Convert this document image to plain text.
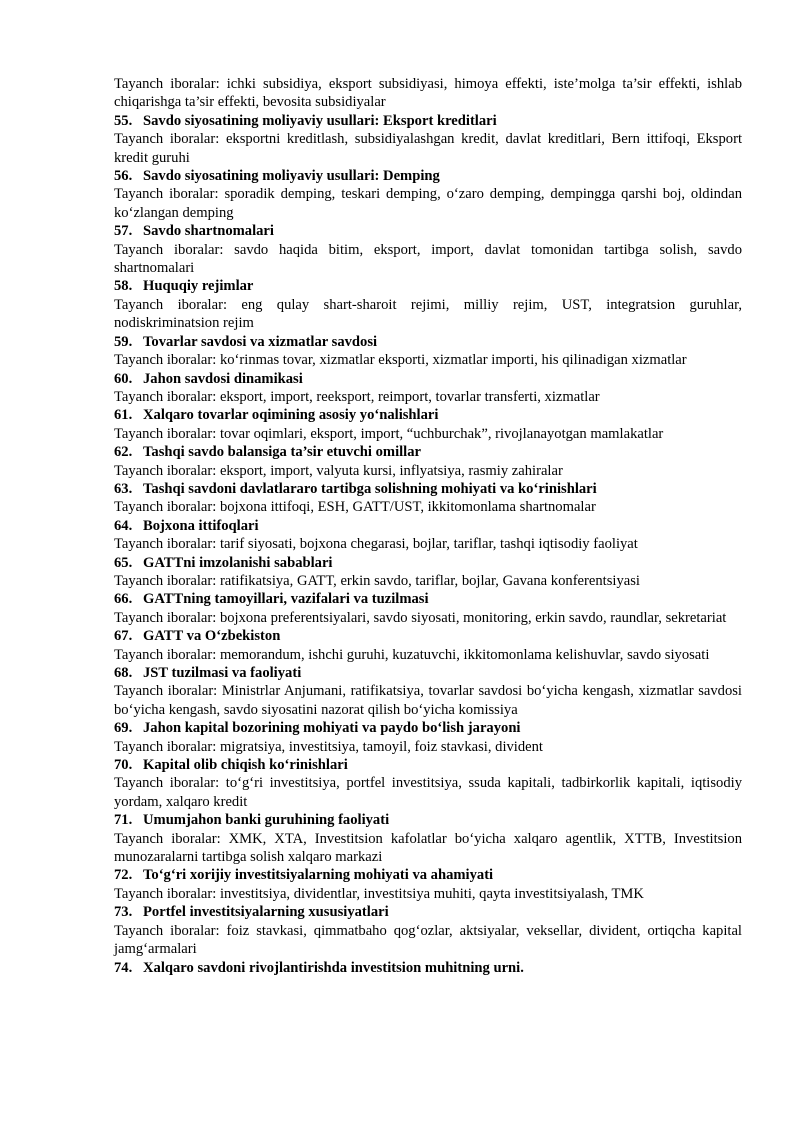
Tayanch iboralar: ichki subsidiya, eksport subsidiyasi, himoya effekti, iste’molga ta’sir effekti, ishlab chiqarishga ta’sir effekti, bevosita subsidiyalar

55. Savdo siyosatining moliyaviy usullari: Eksport kreditlari

Tayanch iboralar: eksportni kreditlash, subsidiyalashgan kredit, davlat kreditlari, Bern ittifoqi, Eksport kredit guruhi

56. Savdo siyosatining moliyaviy usullari: Demping

Tayanch iboralar: sporadik demping, teskari demping, o‘zaro demping, dempingga qarshi boj, oldindan ko‘zlangan demping

57. Savdo shartnomalari

Tayanch iboralar: savdo haqida bitim, eksport, import, davlat tomonidan tartibga solish, savdo shartnomalari

58. Huquqiy rejimlar

Tayanch iboralar: eng qulay shart-sharoit rejimi, milliy rejim, UST, integratsion guruhlar, nodiskriminatsion rejim

59. Tovarlar savdosi va xizmatlar savdosi

Tayanch iboralar: ko‘rinmas tovar, xizmatlar eksporti, xizmatlar importi, his qilinadigan xizmatlar

60. Jahon savdosi dinamikasi

Tayanch iboralar: eksport, import, reeksport, reimport, tovarlar transferti, xizmatlar

61. Xalqaro tovarlar oqimining asosiy yo‘nalishlari

Tayanch iboralar: tovar oqimlari, eksport, import, “uchburchak”, rivojlanayotgan mamlakatlar

62. Tashqi savdo balansiga ta’sir etuvchi omillar

Tayanch iboralar: eksport, import, valyuta kursi, inflyatsiya, rasmiy zahiralar

63. Tashqi savdoni davlatlararo tartibga solishning mohiyati va ko‘rinishlari

Tayanch iboralar: bojxona ittifoqi, ESH, GATT/UST, ikkitomonlama shartnomalar

64. Bojxona ittifoqlari

Tayanch iboralar: tarif siyosati, bojxona chegarasi, bojlar, tariflar, tashqi iqtisodiy faoliyat

65. GATTni imzolanishi sabablari

Tayanch iboralar: ratifikatsiya, GATT, erkin savdo, tariflar, bojlar, Gavana konferentsiyasi

66. GATTning tamoyillari, vazifalari va tuzilmasi

Tayanch iboralar: bojxona preferentsiyalari, savdo siyosati, monitoring, erkin savdo, raundlar, sekretariat

67. GATT va O‘zbekiston

Tayanch iboralar: memorandum, ishchi guruhi, kuzatuvchi, ikkitomonlama kelishuvlar, savdo siyosati

68. JST tuzilmasi va faoliyati

Tayanch iboralar: Ministrlar Anjumani, ratifikatsiya, tovarlar savdosi bo‘yicha kengash, xizmatlar savdosi bo‘yicha kengash, savdo siyosatini nazorat qilish bo‘yicha komissiya

69. Jahon kapital bozorining mohiyati va paydo bo‘lish jarayoni

Tayanch iboralar: migratsiya, investitsiya, tamoyil, foiz stavkasi, divident

70. Kapital olib chiqish ko‘rinishlari

Tayanch iboralar: to‘g‘ri investitsiya, portfel investitsiya, ssuda kapitali, tadbirkorlik kapitali, iqtisodiy yordam, xalqaro kredit

71. Umumjahon banki guruhining faoliyati

Tayanch iboralar: XMK, XTA, Investitsion kafolatlar bo‘yicha xalqaro agentlik, XTTB, Investitsion munozaralarni tartibga solish xalqaro markazi

72. To‘g‘ri xorijiy investitsiyalarning mohiyati va ahamiyati

Tayanch iboralar: investitsiya, dividentlar, investitsiya muhiti, qayta investitsiyalash, TMK

73. Portfel investitsiyalarning xususiyatlari

Tayanch iboralar: foiz stavkasi, qimmatbaho qog‘ozlar, aktsiyalar, veksellar, divident, ortiqcha kapital jamg‘armalari

74. Xalqaro savdoni rivojlantirishda investitsion muhitning urni.
